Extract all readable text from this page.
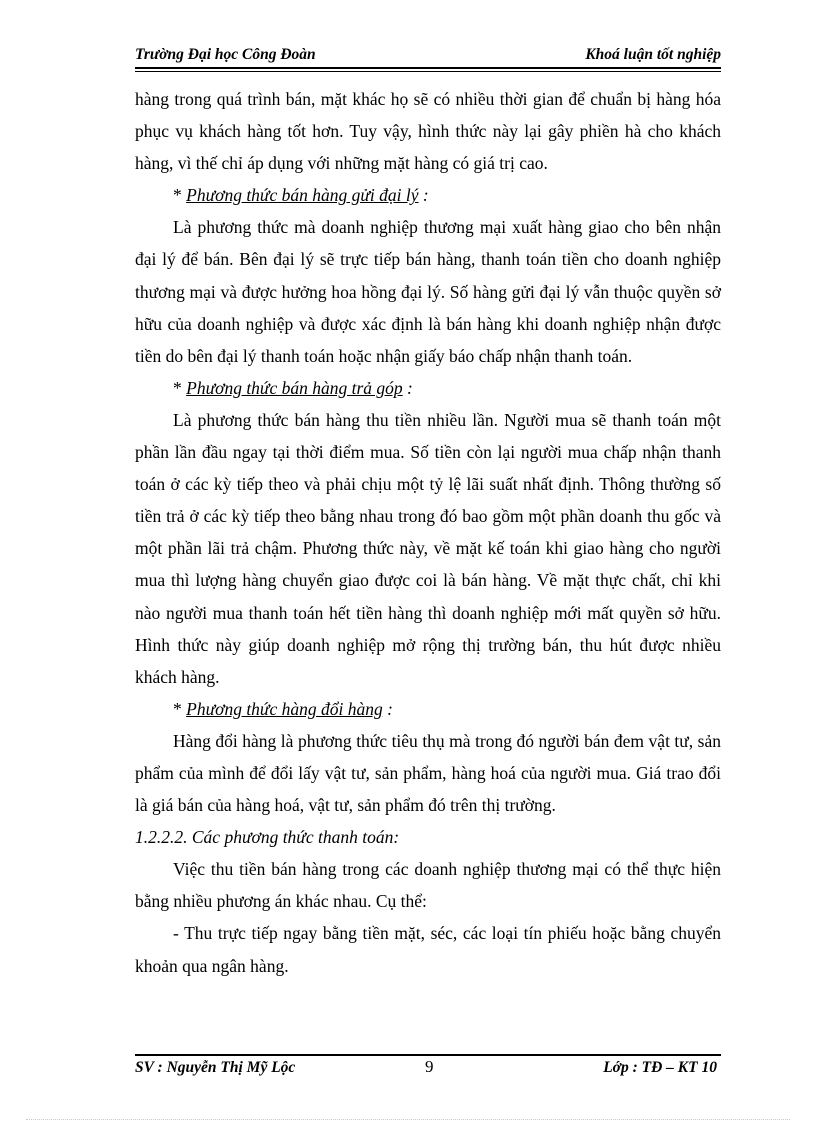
Trường Đại học Công Đoàn	Khoá luận tốt nghiệp

hàng trong quá trình bán, mặt khác họ sẽ có nhiều thời gian để chuẩn bị hàng hóa phục vụ khách hàng tốt hơn. Tuy vậy, hình thức này lại gây phiền hà cho khách hàng, vì thế chỉ áp dụng với những mặt hàng có giá trị cao.

* Phương thức bán hàng gửi đại lý :

Là phương thức mà doanh nghiệp thương mại xuất hàng giao cho bên nhận đại lý để bán. Bên đại lý sẽ trực tiếp bán hàng, thanh toán tiền cho doanh nghiệp thương mại và được hưởng hoa hồng đại lý. Số hàng gửi đại lý vẫn thuộc quyền sở hữu của doanh nghiệp và được xác định là bán hàng khi doanh nghiệp nhận được tiền do bên đại lý thanh toán hoặc nhận giấy báo chấp nhận thanh toán.

* Phương thức bán hàng trả góp :

Là phương thức bán hàng thu tiền nhiều lần. Người mua sẽ thanh toán một phần lần đầu ngay tại thời điểm mua. Số tiền còn lại người mua chấp nhận thanh toán ở các kỳ tiếp theo và phải chịu một tỷ lệ lãi suất nhất định. Thông thường số tiền trả ở các kỳ tiếp theo bằng nhau trong đó bao gồm một phần doanh thu gốc và một phần lãi trả chậm. Phương thức này, về mặt kế toán khi giao hàng cho người mua thì lượng hàng chuyển giao được coi là bán hàng. Về mặt thực chất, chỉ khi nào người mua thanh toán hết tiền hàng thì doanh nghiệp mới mất quyền sở hữu. Hình thức này giúp doanh nghiệp mở rộng thị trường bán, thu hút được nhiều khách hàng.

* Phương thức hàng đổi hàng :

Hàng đổi hàng là phương thức tiêu thụ mà trong đó người bán đem vật tư, sản phẩm của mình để đổi lấy vật tư, sản phẩm, hàng hoá của người mua. Giá trao đổi là giá bán của hàng hoá, vật tư, sản phẩm đó trên thị trường.

1.2.2.2. Các phương thức thanh toán:

Việc thu tiền bán hàng trong các doanh nghiệp thương mại có thể thực hiện bằng nhiều phương án khác nhau. Cụ thể:

- Thu trực tiếp ngay bằng tiền mặt, séc, các loại tín phiếu hoặc bằng chuyển khoản qua ngân hàng.

SV : Nguyễn Thị Mỹ Lộc	9	Lớp : TĐ – KT 10
